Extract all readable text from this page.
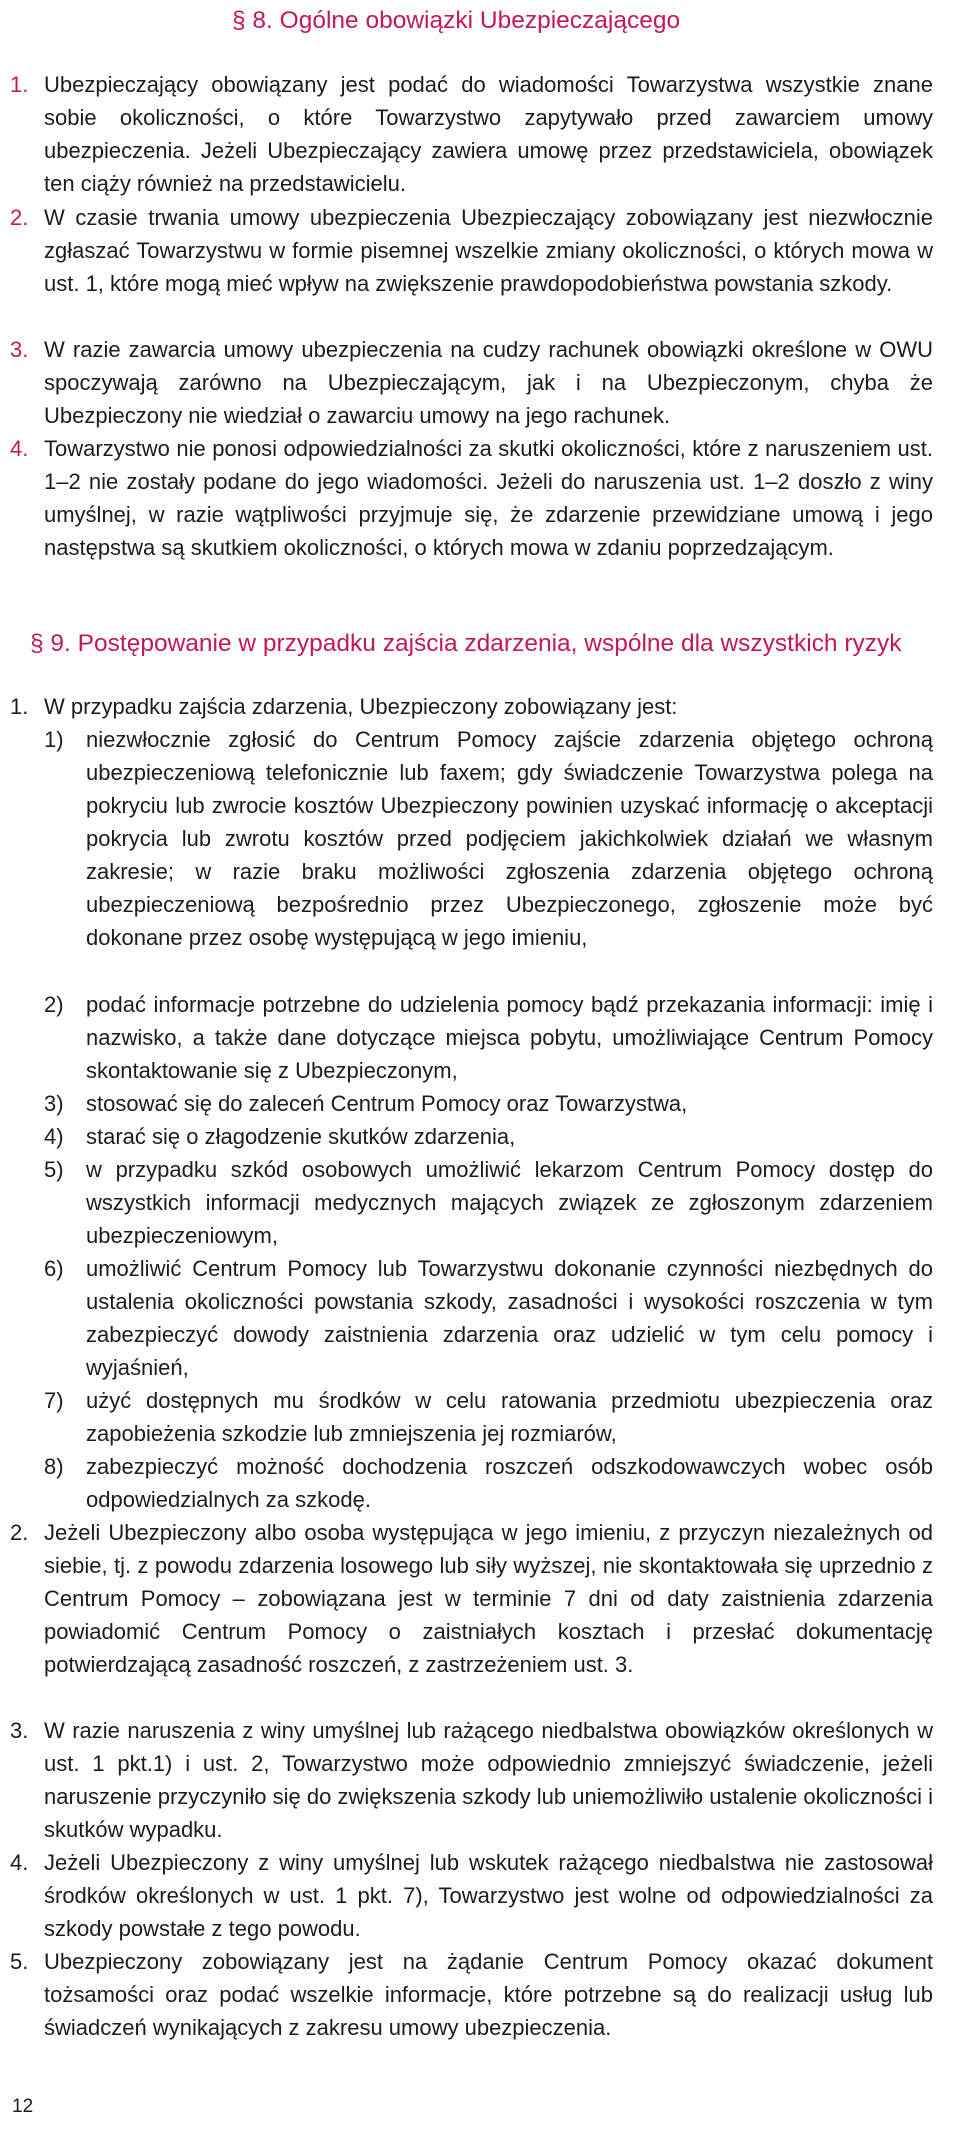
§ 8. Ogólne obowiązki Ubezpieczającego
1. Ubezpieczający obowiązany jest podać do wiadomości Towarzystwa wszystkie znane sobie okoliczności, o które Towarzystwo zapytywało przed zawarciem umowy ubezpieczenia. Jeżeli Ubezpieczający zawiera umowę przez przedstawiciela, obowiązek ten ciąży również na przedstawicielu.
2. W czasie trwania umowy ubezpieczenia Ubezpieczający zobowiązany jest niezwłocznie zgłaszać Towarzystwu w formie pisemnej wszelkie zmiany okoliczności, o których mowa w ust. 1, które mogą mieć wpływ na zwiększenie prawdopodobieństwa powstania szkody.
3. W razie zawarcia umowy ubezpieczenia na cudzy rachunek obowiązki określone w OWU spoczywają zarówno na Ubezpieczającym, jak i na Ubezpieczonym, chyba że Ubezpieczony nie wiedział o zawarciu umowy na jego rachunek.
4. Towarzystwo nie ponosi odpowiedzialności za skutki okoliczności, które z naruszeniem ust. 1–2 nie zostały podane do jego wiadomości. Jeżeli do naruszenia ust. 1–2 doszło z winy umyślnej, w razie wątpliwości przyjmuje się, że zdarzenie przewidziane umową i jego następstwa są skutkiem okoliczności, o których mowa w zdaniu poprzedzającym.
§ 9. Postępowanie w przypadku zajścia zdarzenia, wspólne dla wszystkich ryzyk
1. W przypadku zajścia zdarzenia, Ubezpieczony zobowiązany jest:
1) niezwłocznie zgłosić do Centrum Pomocy zajście zdarzenia objętego ochroną ubezpieczeniową telefonicznie lub faxem; gdy świadczenie Towarzystwa polega na pokryciu lub zwrocie kosztów Ubezpieczony powinien uzyskać informację o akceptacji pokrycia lub zwrotu kosztów przed podjęciem jakichkolwiek działań we własnym zakresie; w razie braku możliwości zgłoszenia zdarzenia objętego ochroną ubezpieczeniową bezpośrednio przez Ubezpieczonego, zgłoszenie może być dokonane przez osobę występującą w jego imieniu,
2) podać informacje potrzebne do udzielenia pomocy bądź przekazania informacji: imię i nazwisko, a także dane dotyczące miejsca pobytu, umożliwiające Centrum Pomocy skontaktowanie się z Ubezpieczonym,
3) stosować się do zaleceń Centrum Pomocy oraz Towarzystwa,
4) starać się o złagodzenie skutków zdarzenia,
5) w przypadku szkód osobowych umożliwić lekarzom Centrum Pomocy dostęp do wszystkich informacji medycznych mających związek ze zgłoszonym zdarzeniem ubezpieczeniowym,
6) umożliwić Centrum Pomocy lub Towarzystwu dokonanie czynności niezbędnych do ustalenia okoliczności powstania szkody, zasadności i wysokości roszczenia w tym zabezpieczyć dowody zaistnienia zdarzenia oraz udzielić w tym celu pomocy i wyjaśnień,
7) użyć dostępnych mu środków w celu ratowania przedmiotu ubezpieczenia oraz zapobieżenia szkodzie lub zmniejszenia jej rozmiarów,
8) zabezpieczyć możność dochodzenia roszczeń odszkodowawczych wobec osób odpowiedzialnych za szkodę.
2. Jeżeli Ubezpieczony albo osoba występująca w jego imieniu, z przyczyn niezależnych od siebie, tj. z powodu zdarzenia losowego lub siły wyższej, nie skontaktowała się uprzednio z Centrum Pomocy – zobowiązana jest w terminie 7 dni od daty zaistnienia zdarzenia powiadomić Centrum Pomocy o zaistniałych kosztach i przesłać dokumentację potwierdzającą zasadność roszczeń, z zastrzeżeniem ust. 3.
3. W razie naruszenia z winy umyślnej lub rażącego niedbalstwa obowiązków określonych w ust. 1 pkt.1) i ust. 2, Towarzystwo może odpowiednio zmniejszyć świadczenie, jeżeli naruszenie przyczyniło się do zwiększenia szkody lub uniemożliwiło ustalenie okoliczności i skutków wypadku.
4. Jeżeli Ubezpieczony z winy umyślnej lub wskutek rażącego niedbalstwa nie zastosował środków określonych w ust. 1 pkt. 7), Towarzystwo jest wolne od odpowiedzialności za szkody powstałe z tego powodu.
5. Ubezpieczony zobowiązany jest na żądanie Centrum Pomocy okazać dokument tożsamości oraz podać wszelkie informacje, które potrzebne są do realizacji usług lub świadczeń wynikających z zakresu umowy ubezpieczenia.
12
